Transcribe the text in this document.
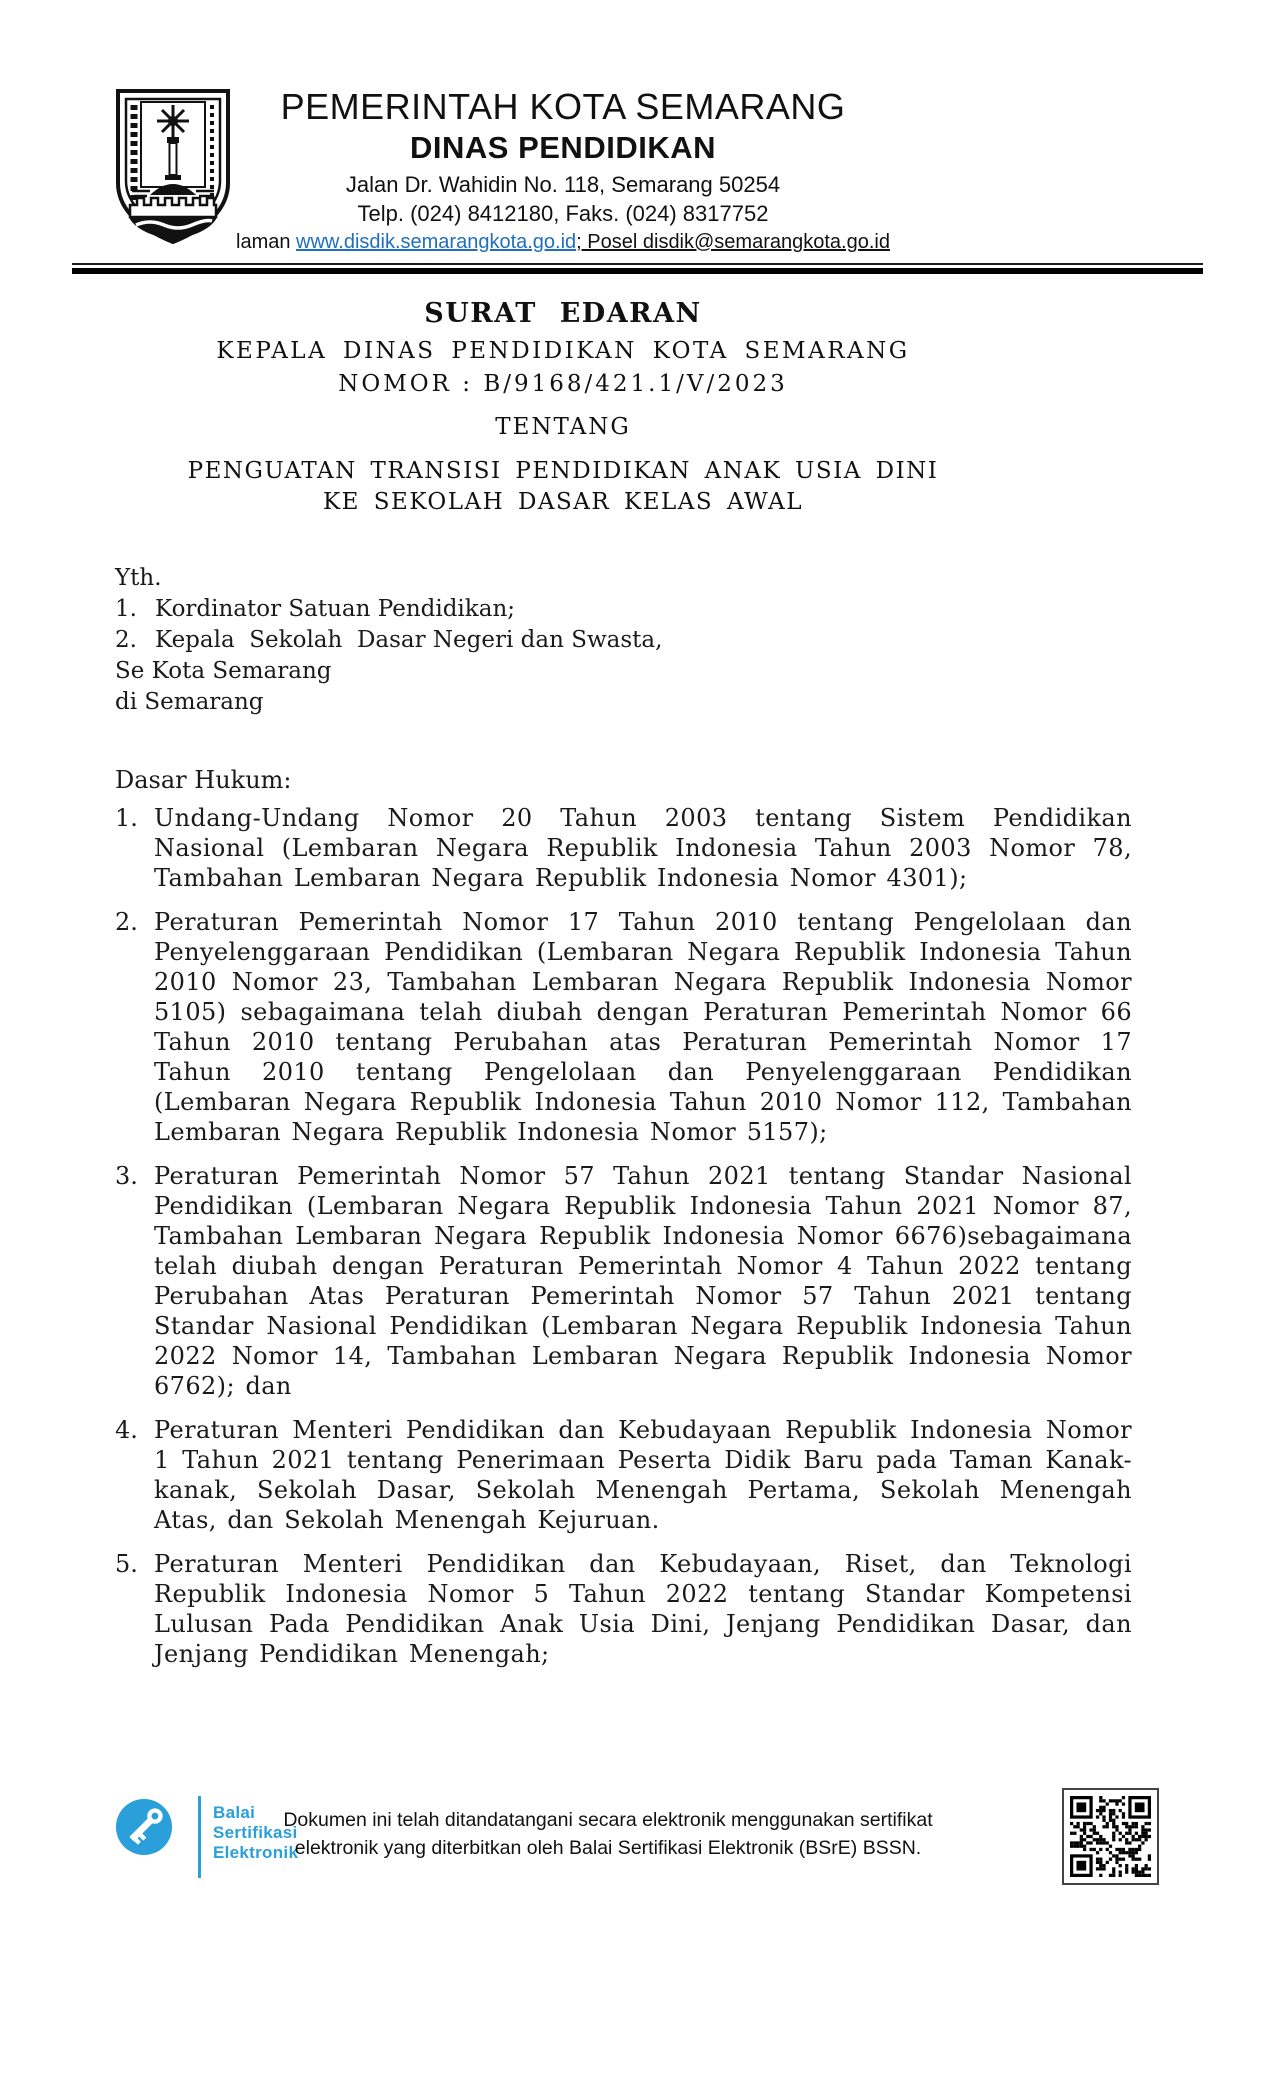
PEMERINTAH KOTA SEMARANG
DINAS PENDIDIKAN
Jalan Dr. Wahidin No. 118, Semarang 50254
Telp. (024) 8412180, Faks. (024) 8317752
laman www.disdik.semarangkota.go.id; Posel disdik@semarangkota.go.id
SURAT EDARAN
KEPALA DINAS PENDIDIKAN KOTA SEMARANG
NOMOR : B/9168/421.1/V/2023
TENTANG
PENGUATAN TRANSISI PENDIDIKAN ANAK USIA DINI
KE SEKOLAH DASAR KELAS AWAL
Yth.
1. Kordinator Satuan Pendidikan;
2. Kepala  Sekolah  Dasar Negeri dan Swasta,
Se Kota Semarang
di Semarang
Dasar Hukum:
1. Undang-Undang Nomor 20 Tahun 2003 tentang Sistem Pendidikan Nasional (Lembaran Negara Republik Indonesia Tahun 2003 Nomor 78, Tambahan Lembaran Negara Republik Indonesia Nomor 4301);
2. Peraturan Pemerintah Nomor 17 Tahun 2010 tentang Pengelolaan dan Penyelenggaraan Pendidikan (Lembaran Negara Republik Indonesia Tahun 2010 Nomor 23, Tambahan Lembaran Negara Republik Indonesia Nomor 5105) sebagaimana telah diubah dengan Peraturan Pemerintah Nomor 66 Tahun 2010 tentang Perubahan atas Peraturan Pemerintah Nomor 17 Tahun 2010 tentang Pengelolaan dan Penyelenggaraan Pendidikan (Lembaran Negara Republik Indonesia Tahun 2010 Nomor 112, Tambahan Lembaran Negara Republik Indonesia Nomor 5157);
3. Peraturan Pemerintah Nomor 57 Tahun 2021 tentang Standar Nasional Pendidikan (Lembaran Negara Republik Indonesia Tahun 2021 Nomor 87, Tambahan Lembaran Negara Republik Indonesia Nomor 6676)sebagaimana telah diubah dengan Peraturan Pemerintah Nomor 4 Tahun 2022 tentang Perubahan Atas Peraturan Pemerintah Nomor 57 Tahun 2021 tentang Standar Nasional Pendidikan (Lembaran Negara Republik Indonesia Tahun 2022 Nomor 14, Tambahan Lembaran Negara Republik Indonesia Nomor 6762); dan
4. Peraturan Menteri Pendidikan dan Kebudayaan Republik Indonesia Nomor 1 Tahun 2021 tentang Penerimaan Peserta Didik Baru pada Taman Kanak-kanak, Sekolah Dasar, Sekolah Menengah Pertama, Sekolah Menengah Atas, dan Sekolah Menengah Kejuruan.
5. Peraturan Menteri Pendidikan dan Kebudayaan, Riset, dan Teknologi Republik Indonesia Nomor 5 Tahun 2022 tentang Standar Kompetensi Lulusan Pada Pendidikan Anak Usia Dini, Jenjang Pendidikan Dasar, dan Jenjang Pendidikan Menengah;
Balai
Sertifikasi
Elektronik
Dokumen ini telah ditandatangani secara elektronik menggunakan sertifikat
elektronik yang diterbitkan oleh Balai Sertifikasi Elektronik (BSrE) BSSN.
